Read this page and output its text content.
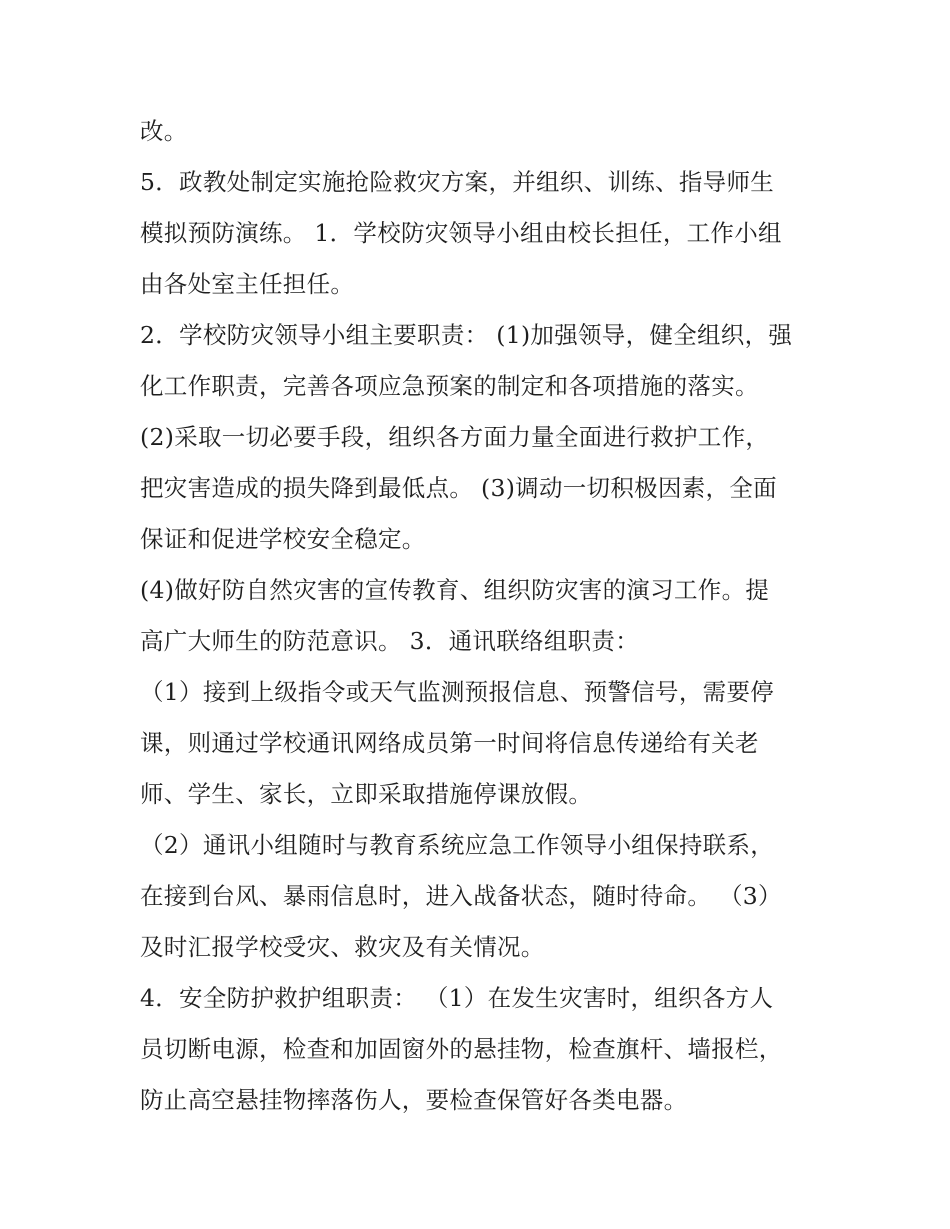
改。
5．政教处制定实施抢险救灾方案，并组织、训练、指导师生
模拟预防演练。 1．学校防灾领导小组由校长担任，工作小组
由各处室主任担任。
2．学校防灾领导小组主要职责： (1)加强领导，健全组织，强
化工作职责，完善各项应急预案的制定和各项措施的落实。
(2)采取一切必要手段，组织各方面力量全面进行救护工作，
把灾害造成的损失降到最低点。 (3)调动一切积极因素，全面
保证和促进学校安全稳定。
(4)做好防自然灾害的宣传教育、组织防灾害的演习工作。提
高广大师生的防范意识。 3．通讯联络组职责：
（1）接到上级指令或天气监测预报信息、预警信号，需要停
课，则通过学校通讯网络成员第一时间将信息传递给有关老
师、学生、家长，立即采取措施停课放假。
（2）通讯小组随时与教育系统应急工作领导小组保持联系，
在接到台风、暴雨信息时，进入战备状态，随时待命。 （3）
及时汇报学校受灾、救灾及有关情况。
4．安全防护救护组职责： （1）在发生灾害时，组织各方人
员切断电源，检查和加固窗外的悬挂物，检查旗杆、墙报栏，
防止高空悬挂物摔落伤人，要检查保管好各类电器。
